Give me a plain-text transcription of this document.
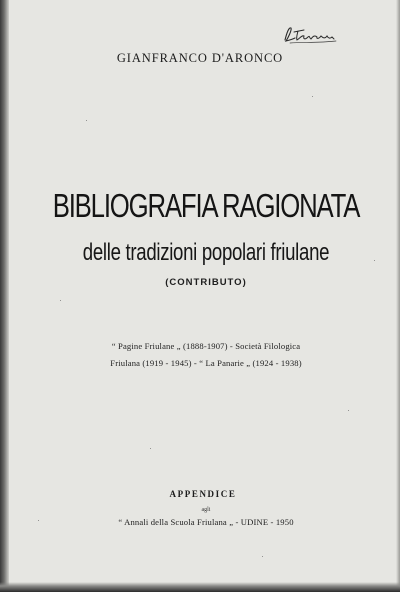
GIANFRANCO D'ARONCO
BIBLIOGRAFIA RAGIONATA
delle tradizioni popolari friulane
(CONTRIBUTO)
“ Pagine Friulane „ (1888-1907) - Società Filologica
Friulana (1919 - 1945) - “ La Panarie „ (1924 - 1938)
APPENDICE
agli
“ Annali della Scuola Friulana „ - UDINE - 1950
